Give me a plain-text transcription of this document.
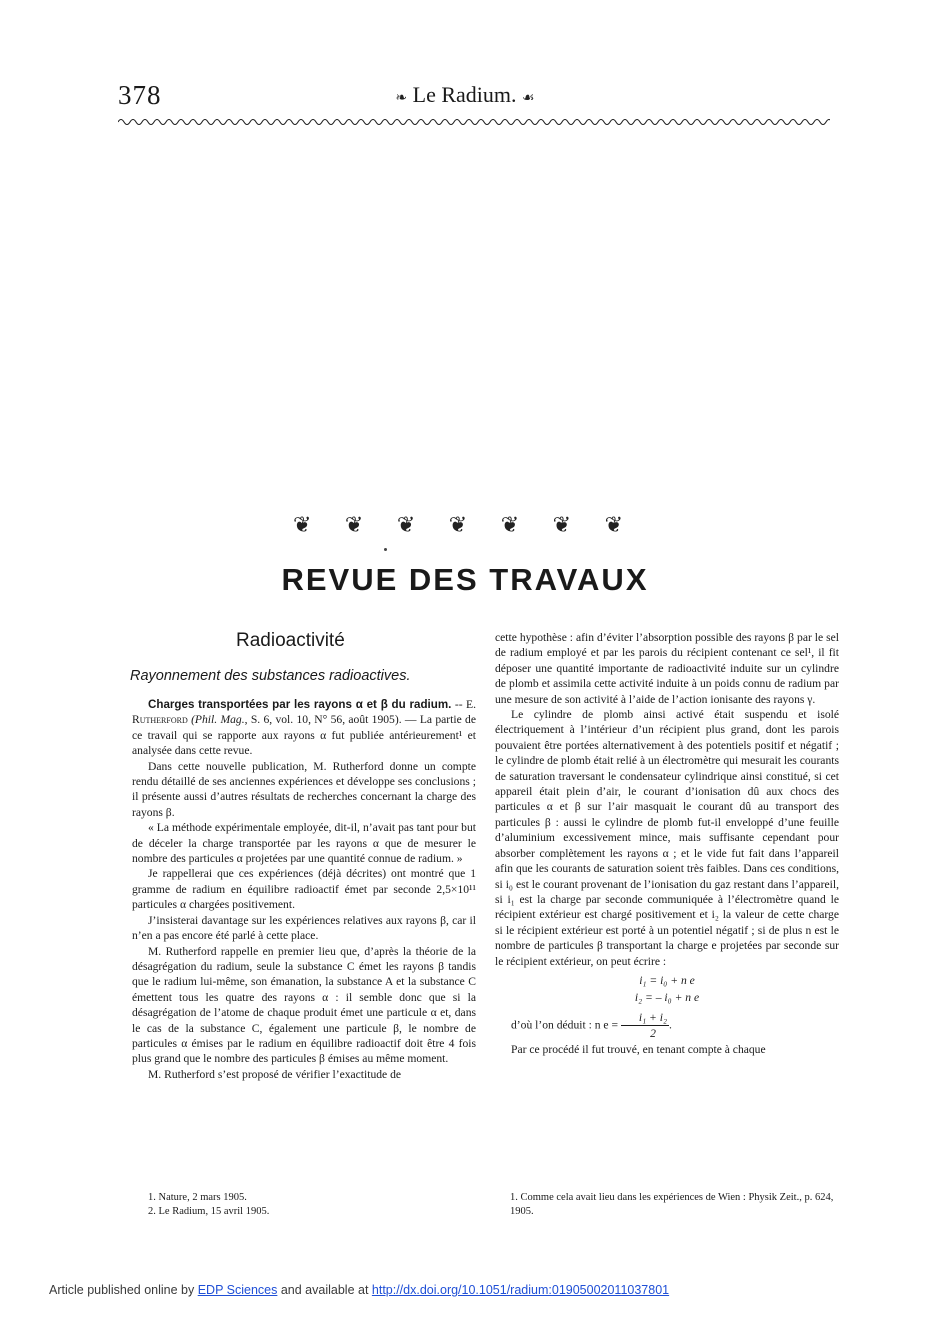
378	❧ Le Radium. ☙
❦ ❦ ❦ ❦ ❦ ❦ ❦
REVUE DES TRAVAUX
Radioactivité
Rayonnement des substances radioactives.

Charges transportées par les rayons α et β du radium. -- E. Rutherford (Phil. Mag., S. 6, vol. 10, N° 56, août 1905). — La partie de ce travail qui se rapporte aux rayons α fut publiée antérieurement¹ et analysée dans cette revue.

Dans cette nouvelle publication, M. Rutherford donne un compte rendu détaillé de ses anciennes expériences et développe ses conclusions ; il présente aussi d’autres résultats de recherches concernant la charge des rayons β.

« La méthode expérimentale employée, dit-il, n’avait pas tant pour but de déceler la charge transportée par les rayons α que de mesurer le nombre des particules α projetées par une quantité connue de radium. »

Je rappellerai que ces expériences (déjà décrites) ont montré que 1 gramme de radium en équilibre radioactif émet par seconde 2,5×10¹¹ particules α chargées positivement.

J’insisterai davantage sur les expériences relatives aux rayons β, car il n’en a pas encore été parlé à cette place.

M. Rutherford rappelle en premier lieu que, d’après la théorie de la désagrégation du radium, seule la substance C émet les rayons β tandis que le radium lui-même, son émanation, la substance A et la substance C émettent tous les quatre des rayons α : il semble donc que si la désagrégation de l’atome de chaque produit émet une particule α et, dans le cas de la substance C, également une particule β, le nombre de particules α émises par le radium en équilibre radioactif doit être 4 fois plus grand que le nombre des particules β émises au même moment.

M. Rutherford s’est proposé de vérifier l’exactitude de

cette hypothèse : afin d’éviter l’absorption possible des rayons β par le sel de radium employé et par les parois du récipient contenant ce sel¹, il fit déposer une quantité importante de radioactivité induite sur un cylindre de plomb et assimila cette activité induite à un poids connu de radium par une mesure de son activité à l’aide de l’action ionisante des rayons γ.

Le cylindre de plomb ainsi activé était suspendu et isolé électriquement à l’intérieur d’un récipient plus grand, dont les parois pouvaient être portées alternativement à des potentiels positif et négatif ; le cylindre de plomb était relié à un électromètre qui mesurait les courants de saturation traversant le condensateur cylindrique ainsi constitué, si cet appareil était plein d’air, le courant d’ionisation dû aux chocs des particules α et β sur l’air masquait le courant dû au transport des particules β : aussi le cylindre de plomb fut-il enveloppé d’une feuille d’aluminium excessivement mince, mais suffisante cependant pour absorber complètement les rayons α ; et le vide fut fait dans l’appareil afin que les courants de saturation soient très faibles. Dans ces conditions, si i₀ est le courant provenant de l’ionisation du gaz restant dans l’appareil, si i₁ est la charge par seconde communiquée à l’électromètre quand le récipient extérieur est chargé positivement et i₂ la valeur de cette charge si le récipient extérieur est porté à un potentiel négatif ; si de plus n est le nombre de particules β transportant la charge e projetées par seconde sur le récipient extérieur, on peut écrire :

i₁ = i₀ + n e
i₂ = – i₀ + n e

d’où l’on déduit : n $e = \frac{\text{i₁ + i₂}}{2}$ .

Par ce procédé il fut trouvé, en tenant compte à chaque

1. Nature, 2 mars 1905.
2. Le Radium, 15 avril 1905.
1. Comme cela avait lieu dans les expériences de Wien : Physik Zeit., p. 624, 1905.
Article published online by EDP Sciences and available at http://dx.doi.org/10.1051/radium:01905002011037801
